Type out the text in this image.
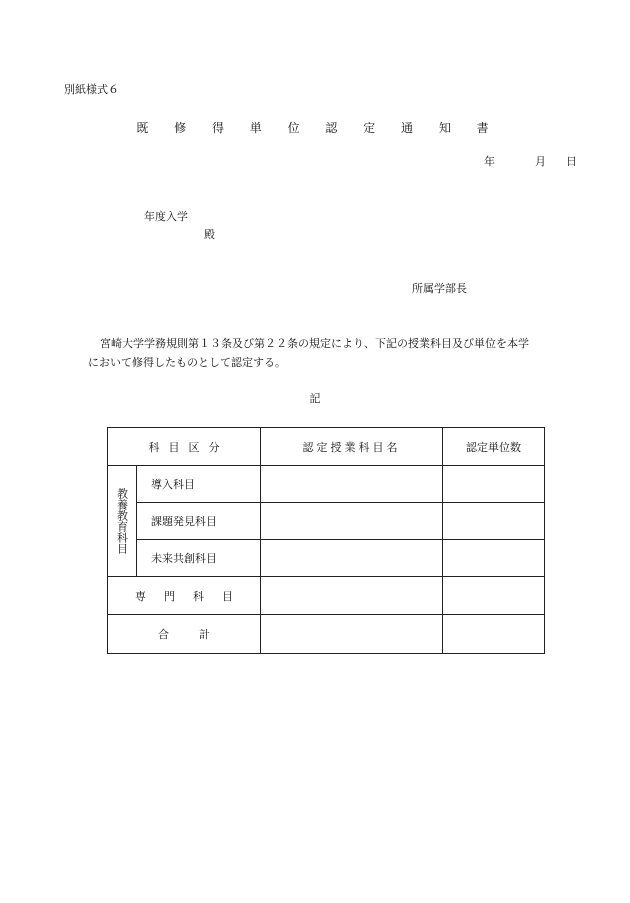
別紙様式６
既 修 得 単 位 認 定 通 知 書
年	月 日
年度入学
殿
所属学部長
宮崎大学学務規則第１３条及び第２２条の規定により、下記の授業科目及び単位を本学
において修得したものとして認定する。
記
科目区分		認定授業科目名	認定単位数

教養教育科目	導入科目		
	課題発見科目		
	未来共創科目		
専門科目			
合計			
